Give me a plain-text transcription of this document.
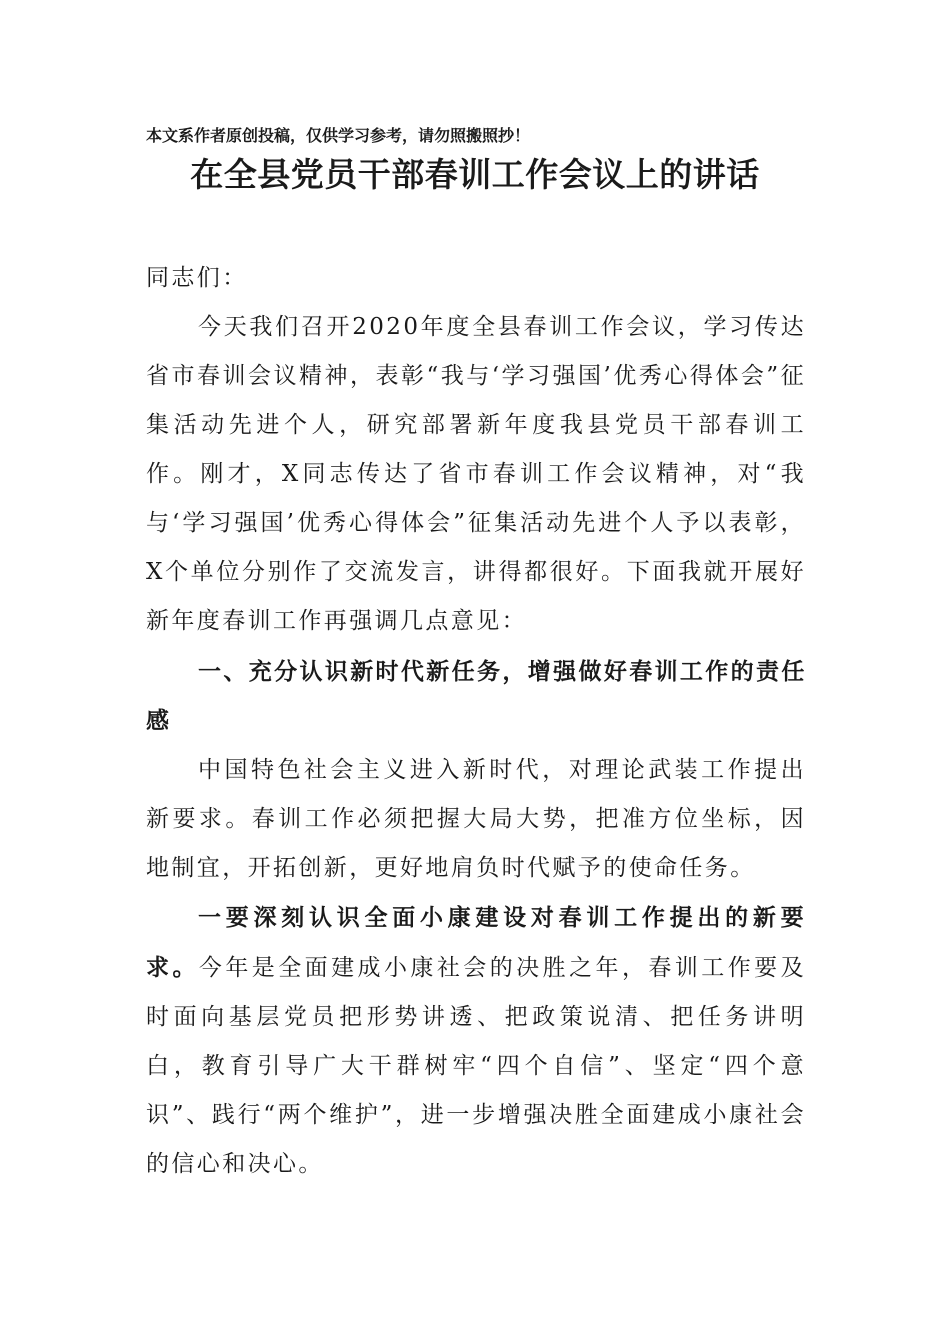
本文系作者原创投稿，仅供学习参考，请勿照搬照抄！
在全县党员干部春训工作会议上的讲话

同志们：

今天我们召开2020年度全县春训工作会议，学习传达省市春训会议精神，表彰“我与‘学习强国’优秀心得体会”征集活动先进个人，研究部署新年度我县党员干部春训工作。刚才，X同志传达了省市春训工作会议精神，对“我与‘学习强国’优秀心得体会”征集活动先进个人予以表彰，X个单位分别作了交流发言，讲得都很好。下面我就开展好新年度春训工作再强调几点意见：

一、充分认识新时代新任务，增强做好春训工作的责任感

中国特色社会主义进入新时代，对理论武装工作提出新要求。春训工作必须把握大局大势，把准方位坐标，因地制宜，开拓创新，更好地肩负时代赋予的使命任务。

一要深刻认识全面小康建设对春训工作提出的新要求。今年是全面建成小康社会的决胜之年，春训工作要及时面向基层党员把形势讲透、把政策说清、把任务讲明白，教育引导广大干群树牢“四个自信”、坚定“四个意识”、践行“两个维护”，进一步增强决胜全面建成小康社会的信心和决心。
